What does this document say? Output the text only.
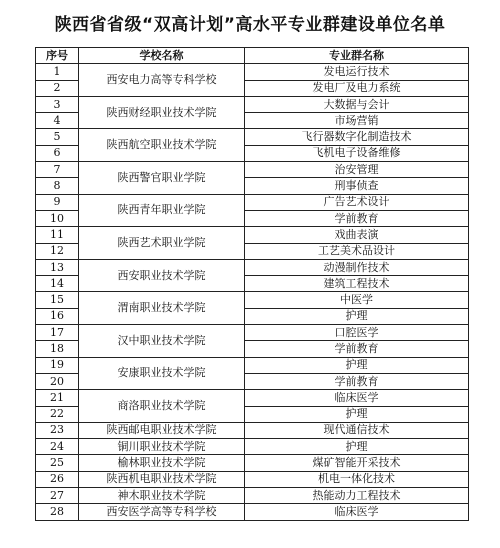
陕西省省级“双高计划”高水平专业群建设单位名单
序号	学校名称	专业群名称
1	西安电力高等专科学校	发电运行技术
2		发电厂及电力系统
3	陕西财经职业技术学院	大数据与会计
4		市场营销
5	陕西航空职业技术学院	飞行器数字化制造技术
6		飞机电子设备维修
7	陕西警官职业学院	治安管理
8		刑事侦查
9	陕西青年职业学院	广告艺术设计
10		学前教育
11	陕西艺术职业学院	戏曲表演
12		工艺美术品设计
13	西安职业技术学院	动漫制作技术
14		建筑工程技术
15	渭南职业技术学院	中医学
16		护理
17	汉中职业技术学院	口腔医学
18		学前教育
19	安康职业技术学院	护理
20		学前教育
21	商洛职业技术学院	临床医学
22		护理
23	陕西邮电职业技术学院	现代通信技术
24	铜川职业技术学院	护理
25	榆林职业技术学院	煤矿智能开采技术
26	陕西机电职业技术学院	机电一体化技术
27	神木职业技术学院	热能动力工程技术
28	西安医学高等专科学校	临床医学
